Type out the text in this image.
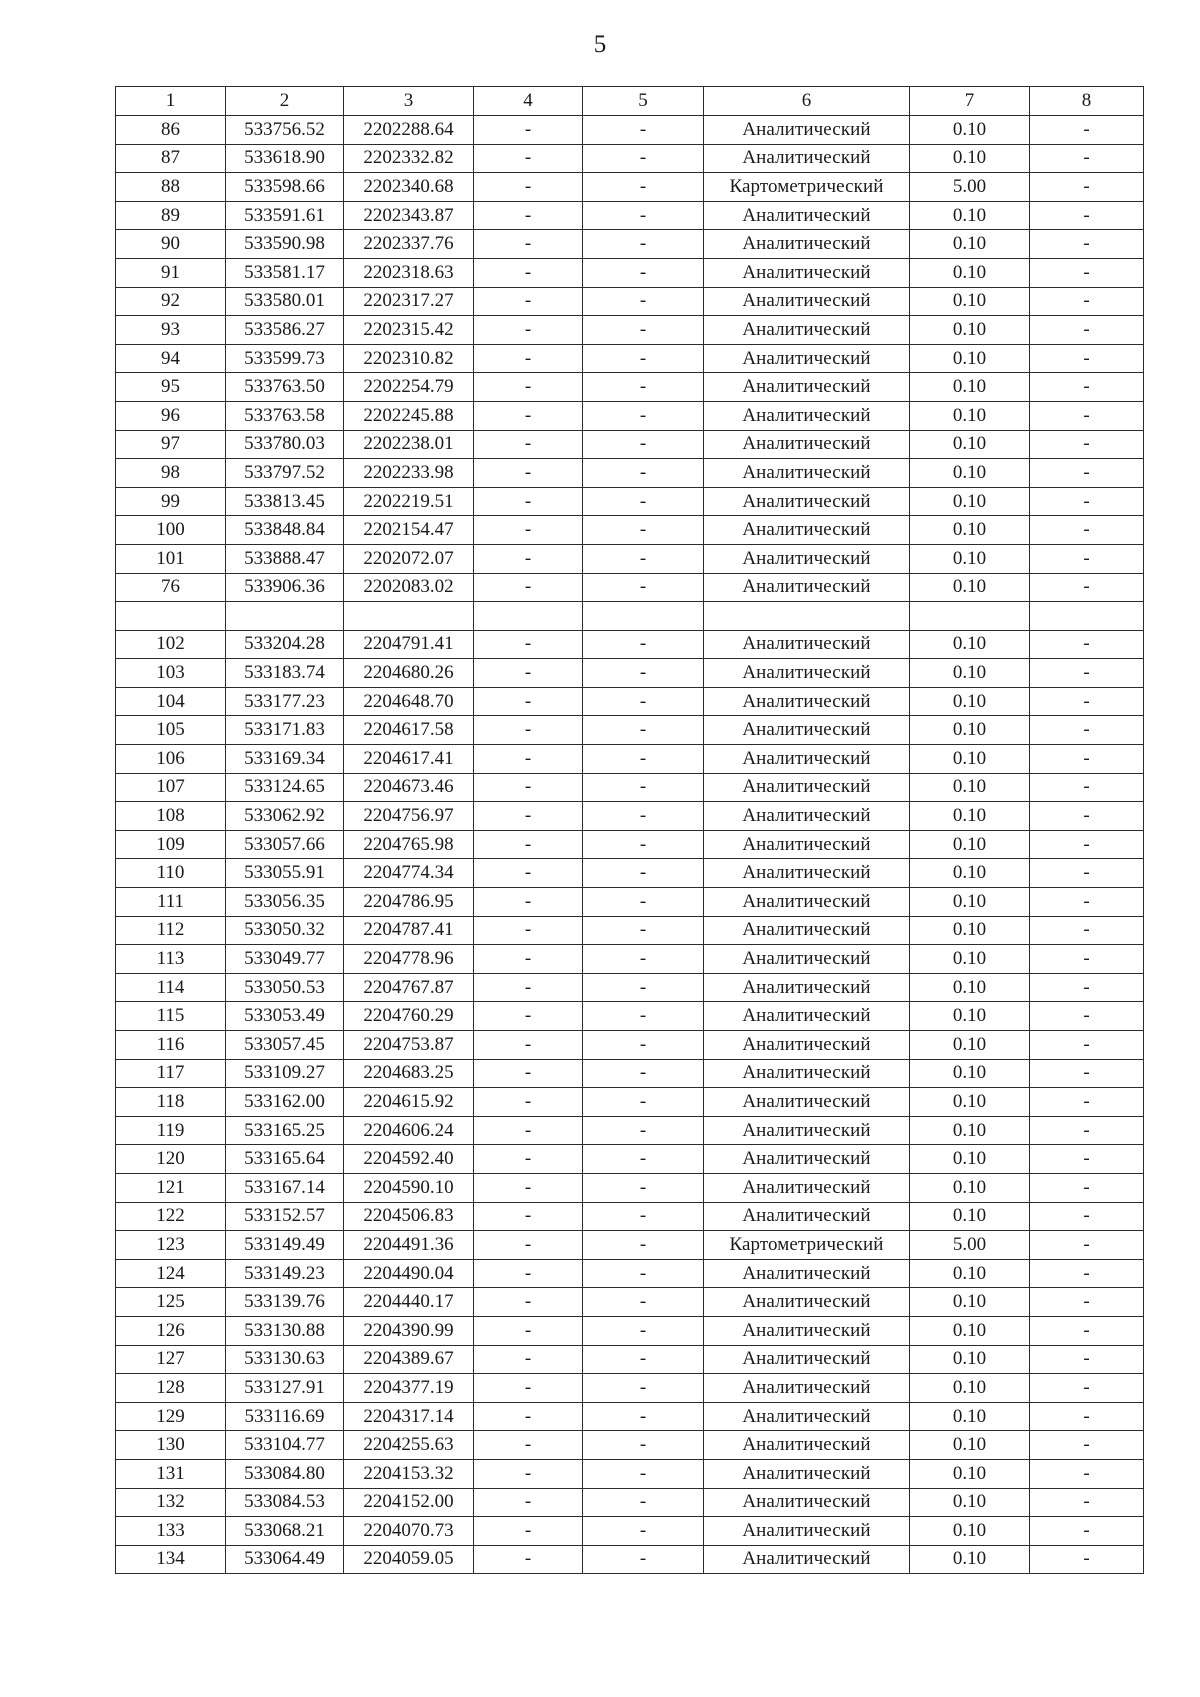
5
1	2	3	4	5	6	7	8
86	533756.52	2202288.64	-	-	Аналитический	0.10	-
87	533618.90	2202332.82	-	-	Аналитический	0.10	-
88	533598.66	2202340.68	-	-	Картометрический	5.00	-
89	533591.61	2202343.87	-	-	Аналитический	0.10	-
90	533590.98	2202337.76	-	-	Аналитический	0.10	-
91	533581.17	2202318.63	-	-	Аналитический	0.10	-
92	533580.01	2202317.27	-	-	Аналитический	0.10	-
93	533586.27	2202315.42	-	-	Аналитический	0.10	-
94	533599.73	2202310.82	-	-	Аналитический	0.10	-
95	533763.50	2202254.79	-	-	Аналитический	0.10	-
96	533763.58	2202245.88	-	-	Аналитический	0.10	-
97	533780.03	2202238.01	-	-	Аналитический	0.10	-
98	533797.52	2202233.98	-	-	Аналитический	0.10	-
99	533813.45	2202219.51	-	-	Аналитический	0.10	-
100	533848.84	2202154.47	-	-	Аналитический	0.10	-
101	533888.47	2202072.07	-	-	Аналитический	0.10	-
76	533906.36	2202083.02	-	-	Аналитический	0.10	-

102	533204.28	2204791.41	-	-	Аналитический	0.10	-
103	533183.74	2204680.26	-	-	Аналитический	0.10	-
104	533177.23	2204648.70	-	-	Аналитический	0.10	-
105	533171.83	2204617.58	-	-	Аналитический	0.10	-
106	533169.34	2204617.41	-	-	Аналитический	0.10	-
107	533124.65	2204673.46	-	-	Аналитический	0.10	-
108	533062.92	2204756.97	-	-	Аналитический	0.10	-
109	533057.66	2204765.98	-	-	Аналитический	0.10	-
110	533055.91	2204774.34	-	-	Аналитический	0.10	-
111	533056.35	2204786.95	-	-	Аналитический	0.10	-
112	533050.32	2204787.41	-	-	Аналитический	0.10	-
113	533049.77	2204778.96	-	-	Аналитический	0.10	-
114	533050.53	2204767.87	-	-	Аналитический	0.10	-
115	533053.49	2204760.29	-	-	Аналитический	0.10	-
116	533057.45	2204753.87	-	-	Аналитический	0.10	-
117	533109.27	2204683.25	-	-	Аналитический	0.10	-
118	533162.00	2204615.92	-	-	Аналитический	0.10	-
119	533165.25	2204606.24	-	-	Аналитический	0.10	-
120	533165.64	2204592.40	-	-	Аналитический	0.10	-
121	533167.14	2204590.10	-	-	Аналитический	0.10	-
122	533152.57	2204506.83	-	-	Аналитический	0.10	-
123	533149.49	2204491.36	-	-	Картометрический	5.00	-
124	533149.23	2204490.04	-	-	Аналитический	0.10	-
125	533139.76	2204440.17	-	-	Аналитический	0.10	-
126	533130.88	2204390.99	-	-	Аналитический	0.10	-
127	533130.63	2204389.67	-	-	Аналитический	0.10	-
128	533127.91	2204377.19	-	-	Аналитический	0.10	-
129	533116.69	2204317.14	-	-	Аналитический	0.10	-
130	533104.77	2204255.63	-	-	Аналитический	0.10	-
131	533084.80	2204153.32	-	-	Аналитический	0.10	-
132	533084.53	2204152.00	-	-	Аналитический	0.10	-
133	533068.21	2204070.73	-	-	Аналитический	0.10	-
134	533064.49	2204059.05	-	-	Аналитический	0.10	-
